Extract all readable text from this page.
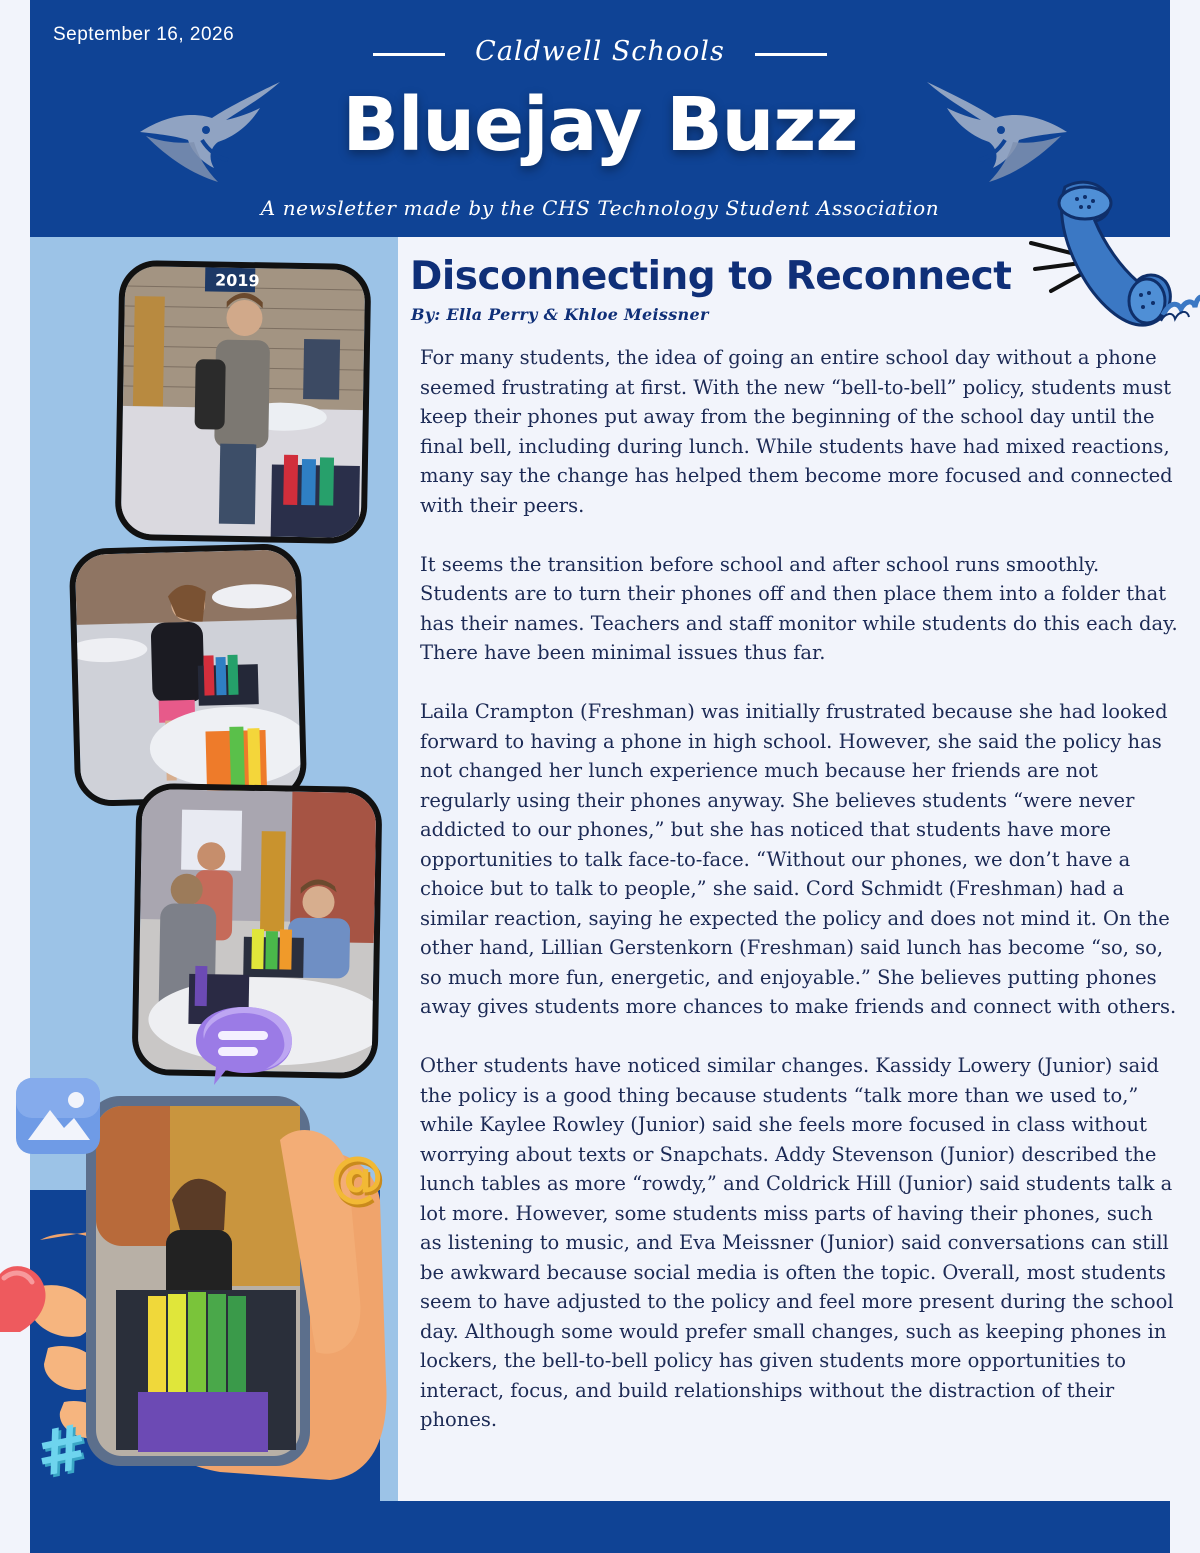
September 16, 2026
Caldwell Schools
Bluejay Buzz
A newsletter made by the CHS Technology Student Association
2019
@
#
Disconnecting to Reconnect
By: Ella Perry & Khloe Meissner

For many students, the idea of going an entire school day without a phone seemed frustrating at first. With the new “bell-to-bell” policy, students must keep their phones put away from the beginning of the school day until the final bell, including during lunch. While students have had mixed reactions, many say the change has helped them become more focused and connected with their peers.

It seems the transition before school and after school runs smoothly. Students are to turn their phones off and then place them into a folder that has their names. Teachers and staff monitor while students do this each day. There have been minimal issues thus far.

Laila Crampton (Freshman) was initially frustrated because she had looked forward to having a phone in high school. However, she said the policy has not changed her lunch experience much because her friends are not regularly using their phones anyway. She believes students “were never addicted to our phones,” but she has noticed that students have more opportunities to talk face-to-face. “Without our phones, we don’t have a choice but to talk to people,” she said. Cord Schmidt (Freshman) had a similar reaction, saying he expected the policy and does not mind it. On the other hand, Lillian Gerstenkorn (Freshman) said lunch has become “so, so, so much more fun, energetic, and enjoyable.” She believes putting phones away gives students more chances to make friends and connect with others.

Other students have noticed similar changes. Kassidy Lowery (Junior) said the policy is a good thing because students “talk more than we used to,” while Kaylee Rowley (Junior) said she feels more focused in class without worrying about texts or Snapchats. Addy Stevenson (Junior) described the lunch tables as more “rowdy,” and Coldrick Hill (Junior) said students talk a lot more. However, some students miss parts of having their phones, such as listening to music, and Eva Meissner (Junior) said conversations can still be awkward because social media is often the topic. Overall, most students seem to have adjusted to the policy and feel more present during the school day. Although some would prefer small changes, such as keeping phones in lockers, the bell-to-bell policy has given students more opportunities to interact, focus, and build relationships without the distraction of their phones.
